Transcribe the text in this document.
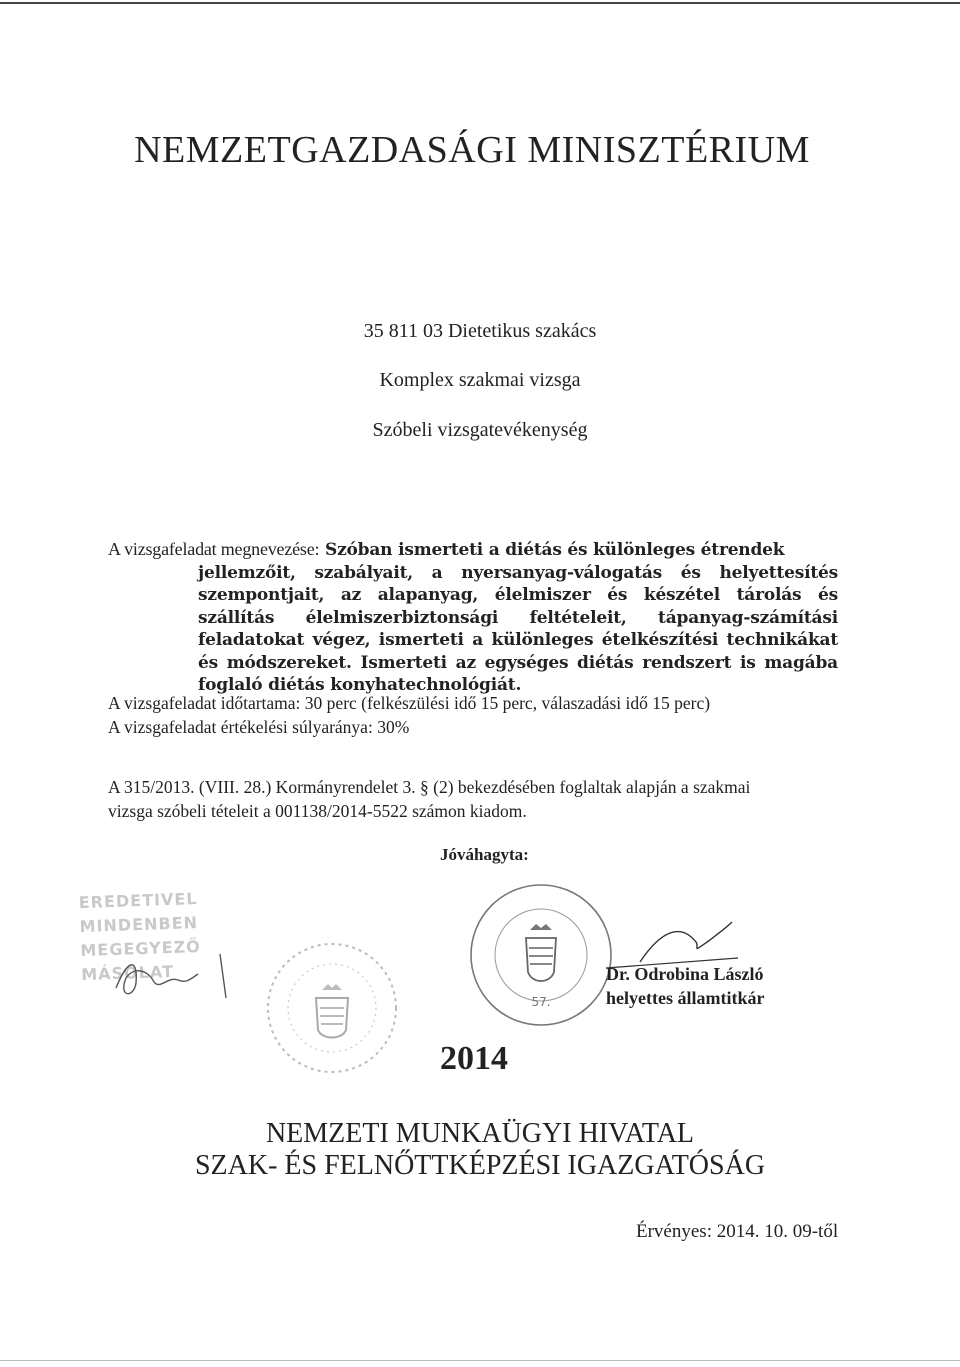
NEMZETGAZDASÁGI MINISZTÉRIUM
35 811 03 Dietetikus szakács
Komplex szakmai vizsga
Szóbeli vizsgatevékenység
A vizsgafeladat megnevezése: Szóban ismerteti a diétás és különleges étrendek
jellemzőit, szabályait, a nyersanyag-válogatás és helyettesítés szempontjait, az alapanyag, élelmiszer és készétel tárolás és szállítás élelmiszerbiztonsági feltételeit, tápanyag-számítási feladatokat végez, ismerteti a különleges ételkészítési technikákat és módszereket. Ismerteti az egységes diétás rendszert is magába foglaló diétás konyhatechnológiát.
A vizsgafeladat időtartama: 30 perc (felkészülési idő 15 perc, válaszadási idő 15 perc)
A vizsgafeladat értékelési súlyaránya: 30%
A 315/2013. (VIII. 28.) Kormányrendelet 3. § (2) bekezdésében foglaltak alapján a szakmai
vizsga szóbeli tételeit a 001138/2014-5522 számon kiadom.
Jóváhagyta:
EREDETIVEL MINDENBEN
MEGEGYEZŐ MÁSOLAT
57.
Dr. Odrobina László
helyettes államtitkár
2014
NEMZETI MUNKAÜGYI HIVATAL
SZAK- ÉS FELNŐTTKÉPZÉSI IGAZGATÓSÁG
Érvényes: 2014. 10. 09-től
